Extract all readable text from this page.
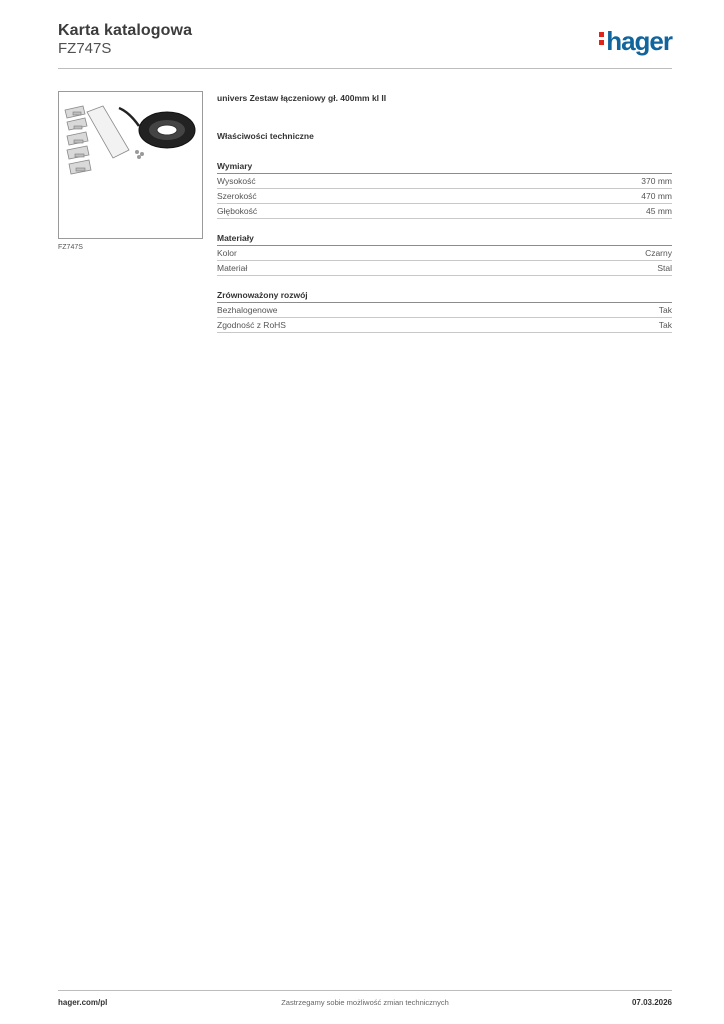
Karta katalogowa
FZ747S	hager
FZ747S
univers Zestaw łączeniowy gł. 400mm kl II
Właściwości techniczne
Wymiary
Wysokość	370 mm
Szerokość	470 mm
Głębokość	45 mm
Materiały
Kolor	Czarny
Materiał	Stal
Zrównoważony rozwój
Bezhalogenowe	Tak
Zgodność z RoHS	Tak
Zastrzegamy sobie możliwość zmian technicznych
hager.com/pl	07.03.2026
